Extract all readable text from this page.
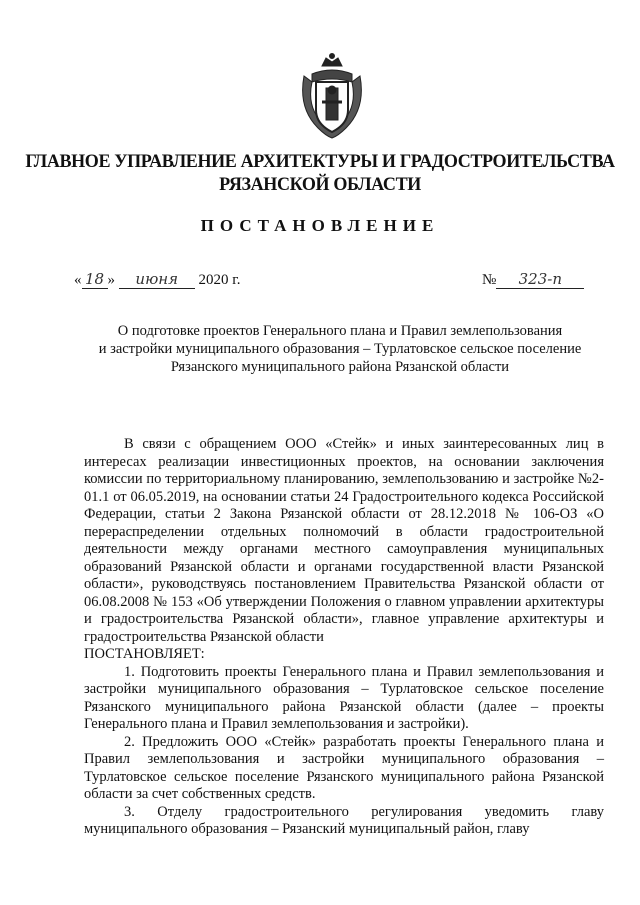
ГЛАВНОЕ УПРАВЛЕНИЕ АРХИТЕКТУРЫ И ГРАДОСТРОИТЕЛЬСТВА
РЯЗАНСКОЙ ОБЛАСТИ
ПОСТАНОВЛЕНИЕ
« 18 » июня 2020 г.	№ 323-п
О подготовке проектов Генерального плана и Правил землепользования
и застройки муниципального образования – Турлатовское сельское поселение
Рязанского муниципального района Рязанской области

В связи с обращением ООО «Стейк» и иных заинтересованных лиц в интересах реализации инвестиционных проектов, на основании заключения комиссии по территориальному планированию, землепользованию и застройке №2-01.1 от 06.05.2019, на основании статьи 24 Градостроительного кодекса Российской Федерации, статьи 2 Закона Рязанской области от 28.12.2018 № 106-ОЗ «О перераспределении отдельных полномочий в области градостроительной деятельности между органами местного самоуправления муниципальных образований Рязанской области и органами государственной власти Рязанской области», руководствуясь постановлением Правительства Рязанской области от 06.08.2008 № 153 «Об утверждении Положения о главном управлении архитектуры и градостроительства Рязанской области», главное управление архитектуры и градостроительства Рязанской области

ПОСТАНОВЛЯЕТ:

1. Подготовить проекты Генерального плана и Правил землепользования и застройки муниципального образования – Турлатовское сельское поселение Рязанского муниципального района Рязанской области (далее – проекты Генерального плана и Правил землепользования и застройки).

2. Предложить ООО «Стейк» разработать проекты Генерального плана и Правил землепользования и застройки муниципального образования – Турлатовское сельское поселение Рязанского муниципального района Рязанской области за счет собственных средств.

3. Отделу градостроительного регулирования уведомить главу муниципального образования – Рязанский муниципальный район, главу
